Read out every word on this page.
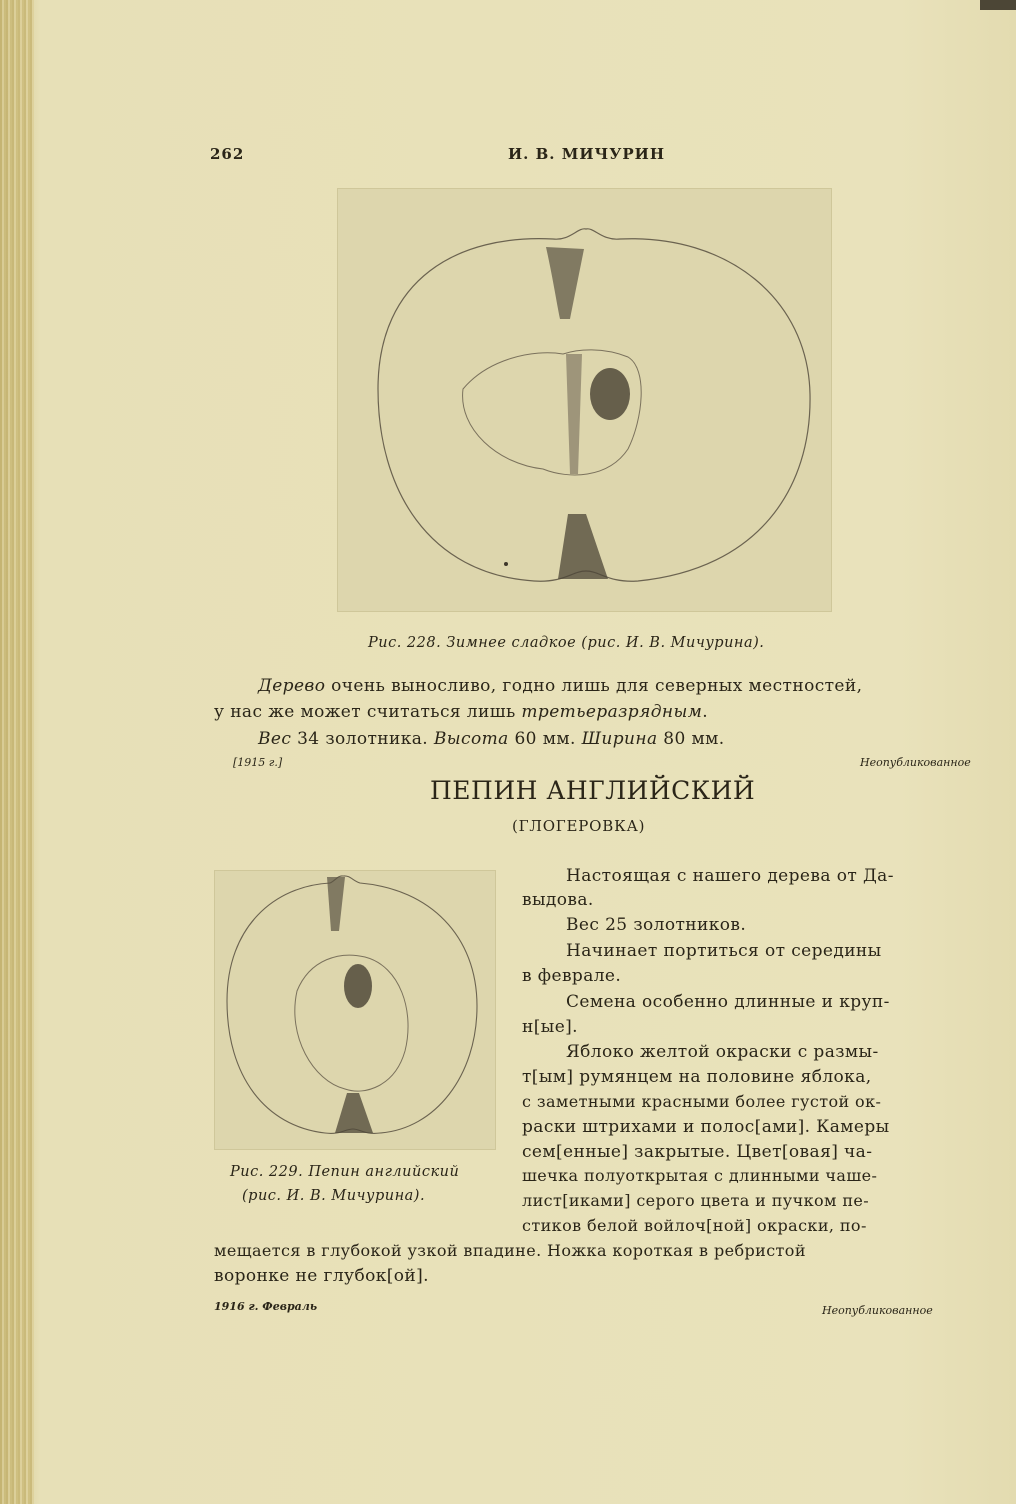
262	И. В. МИЧУРИН
Рис. 228. Зимнее сладкое (рис. И. В. Мичурина).
Дерево очень выносливо, годно лишь для северных местностей,
у нас же может считаться лишь третьеразрядным.
Вес 34 золотника. Высота 60 мм. Ширина 80 мм.
[1915 г.]	Неопубликованное
ПЕПИН АНГЛИЙСКИЙ
(ГЛОГЕРОВКА)
Рис. 229. Пепин английский
(рис. И. В. Мичурина).
Настоящая с нашего дерева от Да-
выдова.
Вес 25 золотников.
Начинает портиться от середины
в феврале.
Семена особенно длинные и круп-
н[ые].
Яблоко желтой окраски с размы-
т[ым] румянцем на половине яблока,
с заметными красными более густой ок-
раски штрихами и полос[ами]. Камеры
сем[енные] закрытые. Цвет[овая] ча-
шечка полуоткрытая с длинными чаше-
лист[иками] серого цвета и пучком пе-
стиков белой войлоч[ной] окраски, по-
мещается в глубокой узкой впадине. Ножка короткая в ребристой
воронке не глубок[ой].
1916 г. Февраль	Неопубликованное
